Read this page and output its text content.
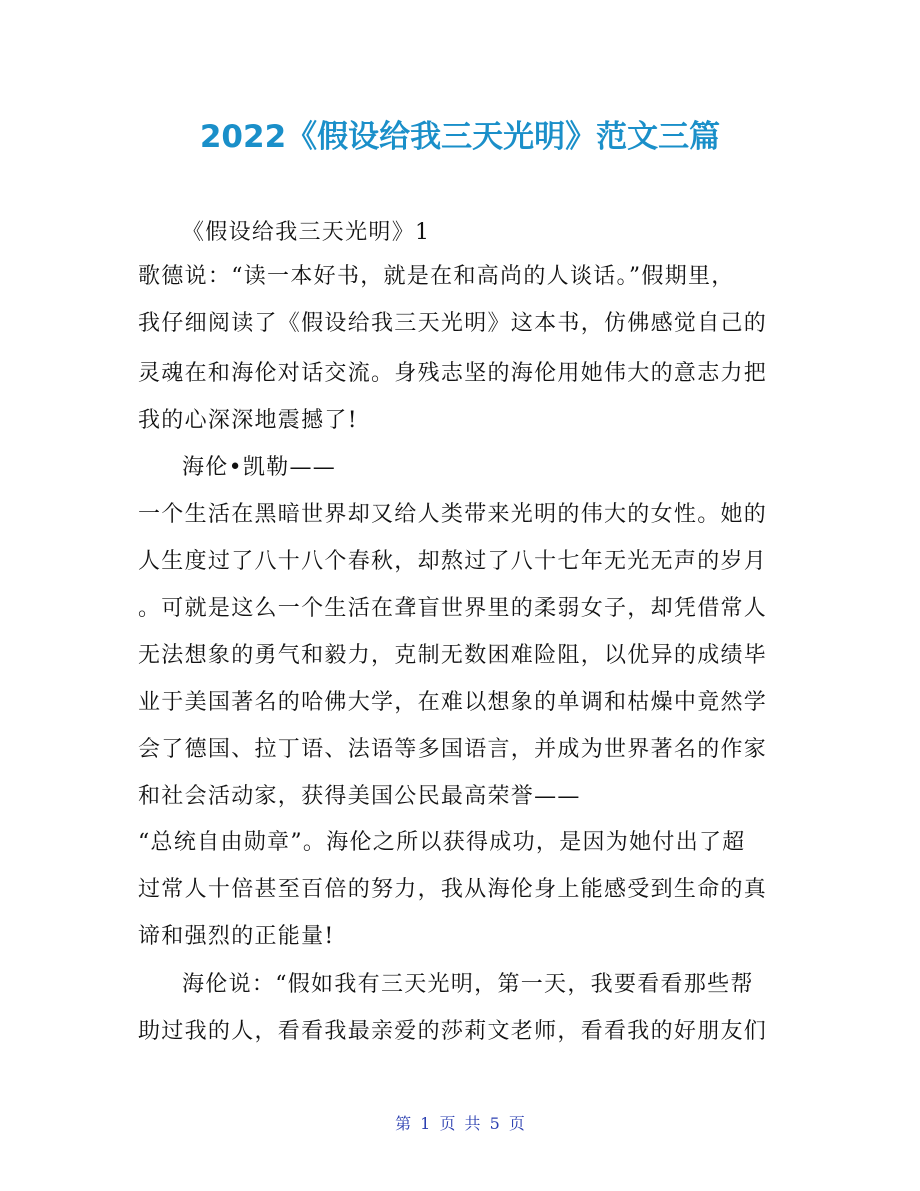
2022《假设给我三天光明》范文三篇
《假设给我三天光明》1
歌德说：“读一本好书，就是在和高尚的人谈话。”假期里，
我仔细阅读了《假设给我三天光明》这本书，仿佛感觉自己的
灵魂在和海伦对话交流。身残志坚的海伦用她伟大的意志力把
我的心深深地震撼了!
海伦•凯勒——
一个生活在黑暗世界却又给人类带来光明的伟大的女性。她的
人生度过了八十八个春秋，却熬过了八十七年无光无声的岁月
。可就是这么一个生活在聋盲世界里的柔弱女子，却凭借常人
无法想象的勇气和毅力，克制无数困难险阻，以优异的成绩毕
业于美国著名的哈佛大学，在难以想象的单调和枯燥中竟然学
会了德国、拉丁语、法语等多国语言，并成为世界著名的作家
和社会活动家，获得美国公民最高荣誉——
“总统自由勋章”。海伦之所以获得成功，是因为她付出了超
过常人十倍甚至百倍的努力，我从海伦身上能感受到生命的真
谛和强烈的正能量!
海伦说：“假如我有三天光明，第一天，我要看看那些帮
助过我的人，看看我最亲爱的莎莉文老师，看看我的好朋友们
第 1 页 共 5 页
